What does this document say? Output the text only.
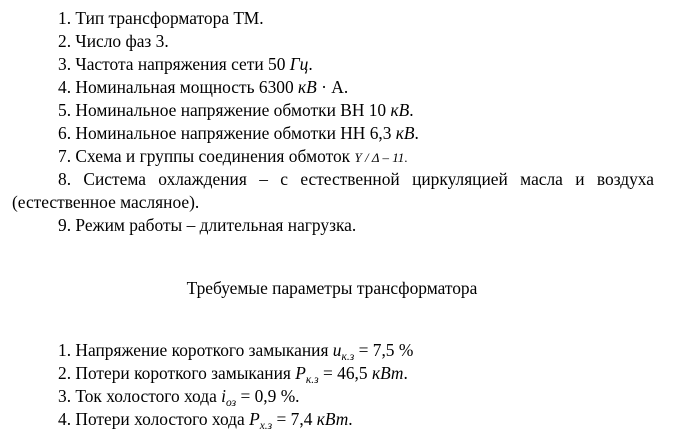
1. Тип трансформатора ТМ.
2. Число фаз 3.
3. Частота напряжения сети 50 Гц.
4. Номинальная мощность 6300 кВ · А.
5. Номинальное напряжение обмотки ВН 10 кВ.
6. Номинальное напряжение обмотки НН 6,3 кВ.
7. Схема и группы соединения обмоток Y / Δ – 11.
8. Система охлаждения – с естественной циркуляцией масла и воздуха
(естественное масляное).
9. Режим работы – длительная нагрузка.
Требуемые параметры трансформатора
1. Напряжение короткого замыкания $u_{к.з} = 7,5$ %
2. Потери короткого замыкания $P_{к.з} = 46,5$ кВт.
3. Ток холостого хода $i_{оз} = 0,9$ %.
4. Потери холостого хода $P_{х.з} = 7,4$ кВт.
